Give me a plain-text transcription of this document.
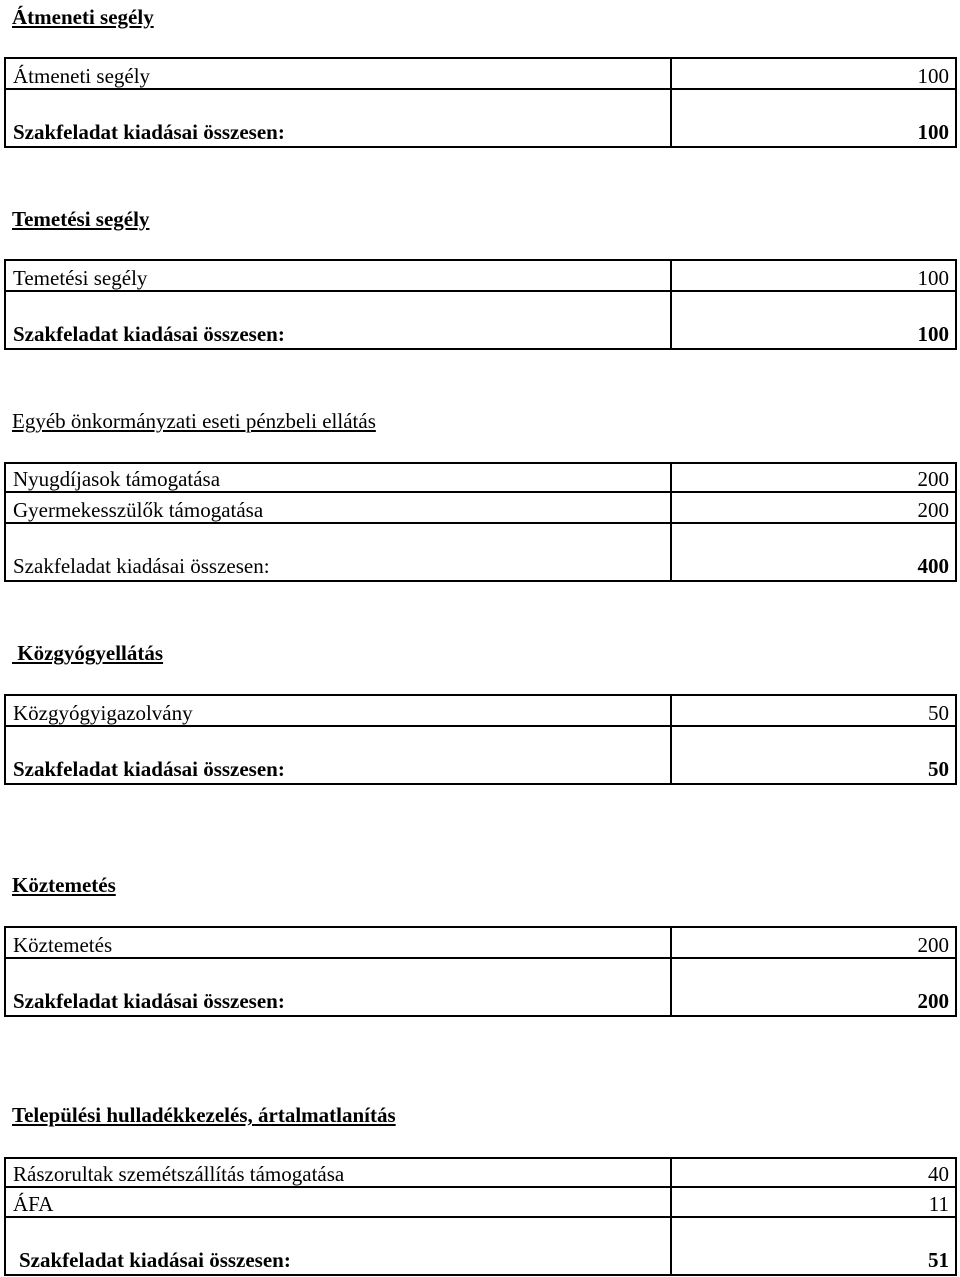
Átmeneti segély
Átmeneti segély	100
Szakfeladat kiadásai összesen:	100
Temetési segély
Temetési segély	100
Szakfeladat kiadásai összesen:	100
Egyéb önkormányzati eseti pénzbeli ellátás
Nyugdíjasok támogatása	200
Gyermekesszülők támogatása	200
Szakfeladat kiadásai összesen:	400
Közgyógyellátás
Közgyógyigazolvány	50
Szakfeladat kiadásai összesen:	50
Köztemetés
Köztemetés	200
Szakfeladat kiadásai összesen:	200
Települési hulladékkezelés, ártalmatlanítás
Rászorultak szemétszállítás támogatása	40
ÁFA	11
Szakfeladat kiadásai összesen:	51
